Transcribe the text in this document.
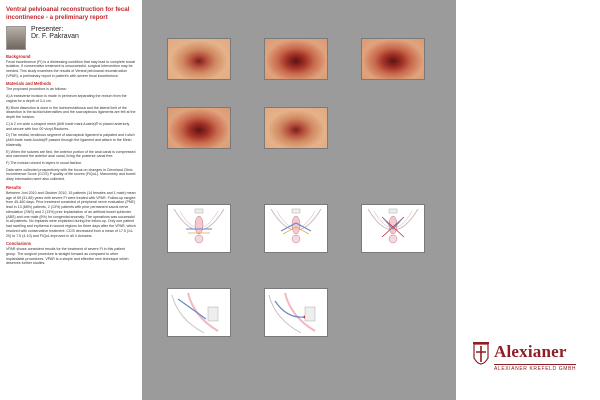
Ventral pelvioanal reconstruction for fecal incontinence - a preliminary report
Presenter:
Dr. F. Pakravan
Background
Fecal incontinence (FI) is a distressing condition that may lead to complete social isolation. If conservative treatment is unsuccessful, surgical intervention may be needed. This study examines the results of Ventral pelvioanal reconstruction (VPAR), a preliminary report in patient's with severe fecal incontinence.
Materials and Methods
The proposed procedure is as follows:
A) A transverse incision is made in perineum separating the rectum from the vagina for a depth of 3-4 cm.
B) Blunt dissection is done in the ischiorectalfossa and the lateral limit of the dissection is the ischial tuberosities and the sacrospinous ligaments are felt at the depth the incision.
C) A 2 cm wide u-shaped mesh (AMI trade mark Austria)® is placed anteriorly and secure with four 00 vicryl-Rsutures.
D) The medial, tendinous segment of sacrospinal ligament is palpated and t-stich (AMI trade mark Austria)® passed through the ligament and attach to the Mesh bilaterally.
E) When the sutures are tied, the anterior portion of the anal canal is compressed and narrowed the anterior anal canal, living the posterior canal free.
F) The incision closed in layers in usual fashion.
Data were collected prospectively with the focus on changes in Cleveland Clinic Incontinence Score (CCIS) P quality of life scores (FIQoL). Manometry and bowel diary information were also collected.
Results
Between Juni 2010 and Oktober 2010, 15 patients (14 females and 1 male) mean age of 69 (31-85) years with severe FI were treated with VPAR. Follow-up ranged from 45-460 days. Prior treatment consisted of peripheral nerve evaluation (PNE) lead in 13 (68%) patients, 2 (13%) patients with prior permanent sacral nerve stimulation (SNS) and 2 (13%) prior implantation of an artificial bowel sphincter (ABS) and one male (6%) for congenital anomaly. The operations was successful in all patients. No Implants were explanted during the follow-up. Only one patient had swelling and erythema in wound regions for three days after the VPAR, which resolved with conservative treatment. CCIS decreased from a mean of 17.5 (14-20) to 7.5 (4-10) and FIQoL improved in all 4 domains.
Conclusions
VPAR shows consistent results for the treatment of severe FI in this patient group. The surgical procedure is straight forward as compared to other implantable procedures. VPAR is a simple and effective new technique which deserves further studies.
Alexianer
ALEXIANER KREFELD GMBH
